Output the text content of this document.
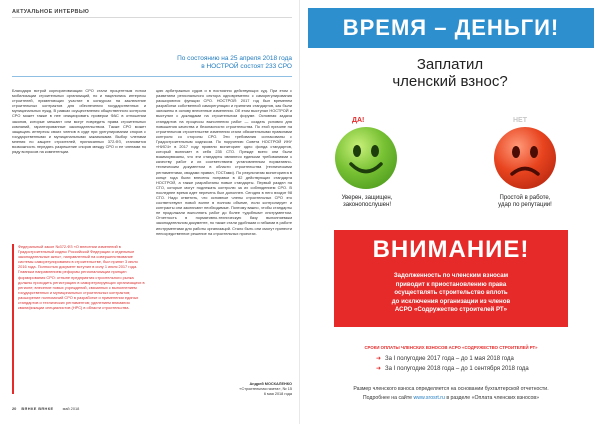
АКТУАЛЬНОЕ ИНТЕРВЬЮ
По состоянию на 25 апреля 2018 года
в НОСТРОЙ состоят 233 СРО

Благодаря встрой корпоративизации СРО стали процентным потом мобилизации строительных организаций, но и нацелились интересы строителей, применяющих участие в конкурсах на заключение строительных контрактов для обеспечения государственных и муниципальных нужд. В рамках осуществления общественного контроля СРО может также в нее инициировать проверки ФАС в отношении законов, которые мешают или могут повредить права строительных компаний, гарантированные законодательством. Также СРО может защищать интересы своих членов в суде при урегулировании споров с государственными и муниципальными заказчиками. Выбор членами мнения по защите строителей, приписанных 372-ФЗ, становится возможность передать разрешение споров между СРО и ее членами по ряду вопросов на компетенции.

цию арбитражных судов и в постоянно действующих суд. При этом с развитием регионального сектора одновременно с саморегулирования расширяются функции СРО. НОСТРОЙ: 2017 год был временем разработки собственной саморегуляции и принятия стандартов, как были заложены в основу внесенные изменения. Об этом выступал НОСТРОЙ и выступил с докладами на строительном форуме. Основная задача стандартов на процессы выполнения работ — создать условия для повышения качества и безопасности строительства. По этой причине на строительном строительстве изменения стали обязательными правилами контроля со стороны СРО. Эти требования согласованы с Градостроительным кодексом. По поручению Совета НОСТРОЙ ИНУ «НИСЧ» в 2017 году провели мониторинг одно фонда стандартов, который включает в себя 235 СТО. Прежде всего они были взаимоувязаны, что эти стандарты являются едиными требованиями к качеству работ и их соответствием установленным нормативно-техническим документом в области строительства (техническими регламентами, сводами правил, ГОСТами). По результатам мониторинга в конце года были внесены поправки в 82 действующих стандарта НОСТРОЙ, а также разработаны новые стандарты. Первый раздел на СТО, которые могут подлежать контролю за их соблюдением СРО. В последнее время идет перечень был дополнен. Сегодня в него входят 98 СТО. Надо отметить, что основные члены строительных СРО это соответствуют новой волне в полном объеме, если контролирует и контракты они заключают необходимые. Поэтому важно, чтобы стандарты не продолжали выполнять работ до более «удобным» инструментом. Отчетность в нормативно-техническую базу выполняемым законодательном документе, но также стали удобными и гибкими в работе инструментами для работы организаций. Стало быть они смогут принести непосредственное решение на строительных проектах.

Федеральный закон №372-ФЗ «О внесении изменений в Градостроительный кодекс Российской Федерации и отдельные законодательные акты», направленный на совершенствование системы саморегулирования в строительстве, был принят 3 июля 2016 года. Полностью документ вступил в силу 1 июля 2017 года. Главным направлением реформы регионализации принцип формирования СРО: отныне предприятия строительного рынка должны проходить регистрацию в саморегулирующих организациях в регионе; внесение новых учреждений, связанных с выполнением государственных и муниципальных строительных контрактов; расширение полномочий СРО в разработке и применении единых стандартов и технических регламентов; уделением внимания квалификации специалистов (НРС) в области строительства.
Андрей МОСКАЛЕНКО
«Строительная газета», № 15
6 мая 2018 года
20 ВЯНКЕ ВЯНКЕ май 2018
ВРЕМЯ – ДЕНЬГИ!
Заплатил
членский взнос?
ДА!	НЕТ
Уверен, защищен,
законопослушен!
Простой в работе,
удар по репутации!
ВНИМАНИЕ!
Задолженность по членским взносам
приводит к приостановлению права
осуществлять строительство вплоть
до исключения организации из членов
АСРО «Содружество строителей РТ»
СРОКИ ОПЛАТЫ ЧЛЕНСКИХ ВЗНОСОВ АСРО «СОДРУЖЕСТВО СТРОИТЕЛЕЙ РТ»
➜ За I полугодие 2017 года – до 1 мая 2018 года
➜ За I полугодие 2018 года – до 1 сентября 2018 года
Размер членского взноса определяется на основании бухгалтерской отчетности.
Подробнее на сайте www.srosrt.ru в разделе «Оплата членских взносов»
